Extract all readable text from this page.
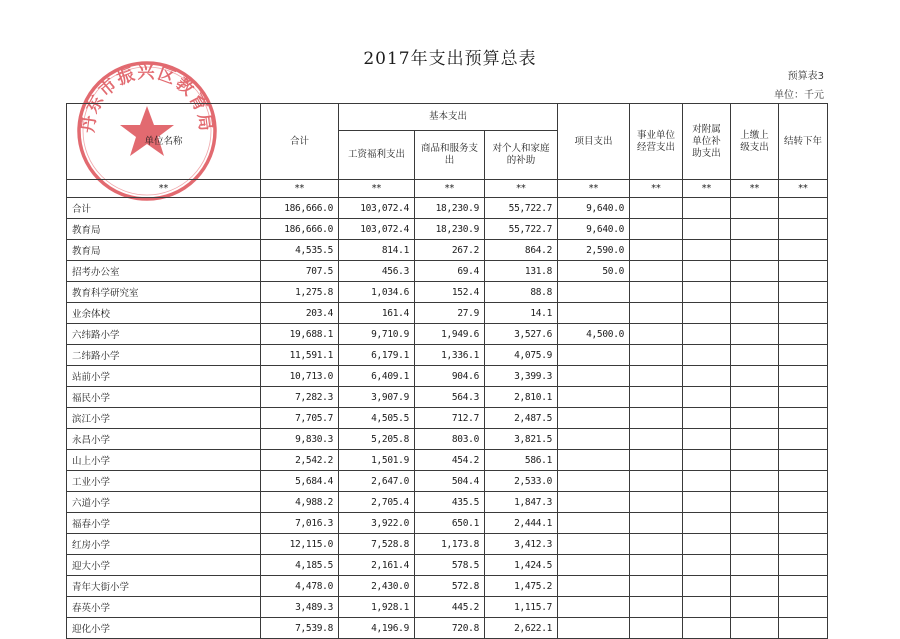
2017年支出预算总表
预算表3
单位：千元
丹东市振兴区教育局
单位名称	合计	基本支出			项目支出	事业单位经营支出	对附属单位补助支出	上缴上级支出	结转下年
		工资福利支出	商品和服务支出	对个人和家庭的补助					
**	**	**	**	**	**	**	**	**	**
合计	186,666.0	103,072.4	18,230.9	55,722.7	9,640.0				
教育局	186,666.0	103,072.4	18,230.9	55,722.7	9,640.0				
教育局	4,535.5	814.1	267.2	864.2	2,590.0				
招考办公室	707.5	456.3	69.4	131.8	50.0				
教育科学研究室	1,275.8	1,034.6	152.4	88.8					
业余体校	203.4	161.4	27.9	14.1					
六纬路小学	19,688.1	9,710.9	1,949.6	3,527.6	4,500.0				
二纬路小学	11,591.1	6,179.1	1,336.1	4,075.9					
站前小学	10,713.0	6,409.1	904.6	3,399.3					
福民小学	7,282.3	3,907.9	564.3	2,810.1					
滨江小学	7,705.7	4,505.5	712.7	2,487.5					
永昌小学	9,830.3	5,205.8	803.0	3,821.5					
山上小学	2,542.2	1,501.9	454.2	586.1					
工业小学	5,684.4	2,647.0	504.4	2,533.0					
六道小学	4,988.2	2,705.4	435.5	1,847.3					
福春小学	7,016.3	3,922.0	650.1	2,444.1					
红房小学	12,115.0	7,528.8	1,173.8	3,412.3					
迎大小学	4,185.5	2,161.4	578.5	1,424.5					
青年大街小学	4,478.0	2,430.0	572.8	1,475.2					
春英小学	3,489.3	1,928.1	445.2	1,115.7					
迎化小学	7,539.8	4,196.9	720.8	2,622.1					
